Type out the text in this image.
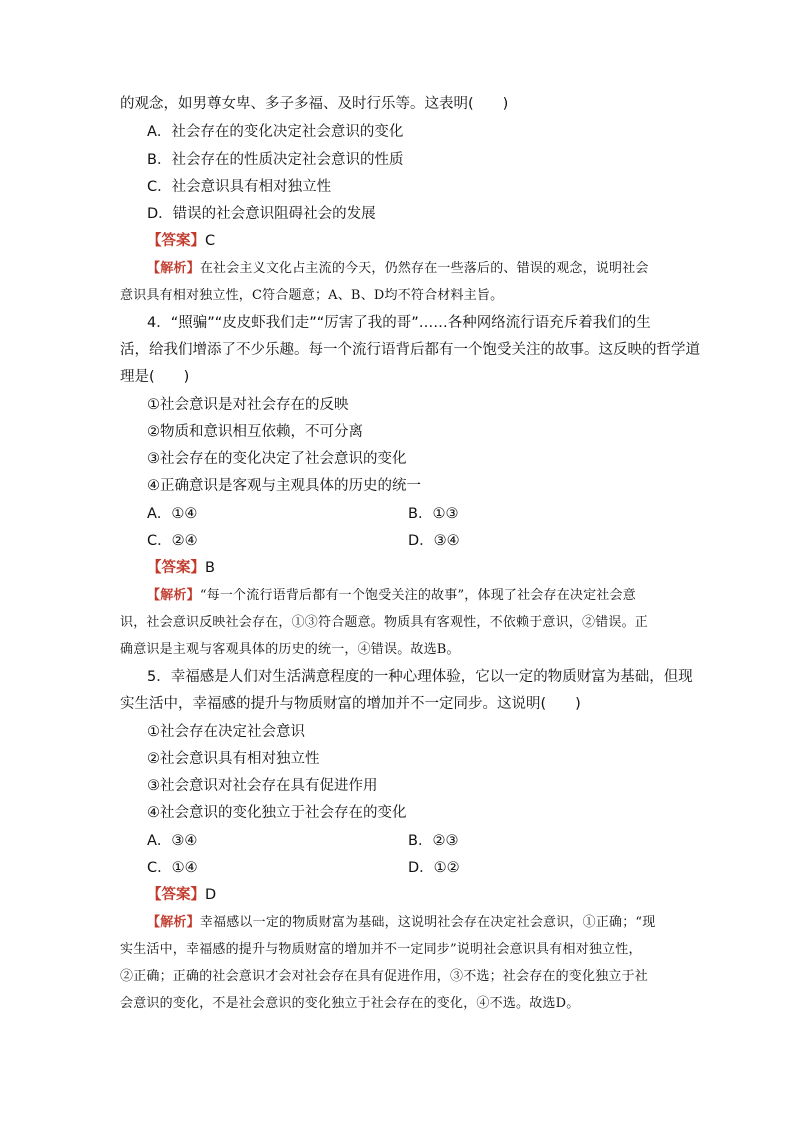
的观念，如男尊女卑、多子多福、及时行乐等。这表明(　　)
A．社会存在的变化决定社会意识的变化
B．社会存在的性质决定社会意识的性质
C．社会意识具有相对独立性
D．错误的社会意识阻碍社会的发展
【答案】C
【解析】在社会主义文化占主流的今天，仍然存在一些落后的、错误的观念，说明社会
意识具有相对独立性，C符合题意；A、B、D均不符合材料主旨。
4．“照骗”“皮皮虾我们走”“厉害了我的哥”……各种网络流行语充斥着我们的生
活，给我们增添了不少乐趣。每一个流行语背后都有一个饱受关注的故事。这反映的哲学道
理是(　　)
①社会意识是对社会存在的反映
②物质和意识相互依赖，不可分离
③社会存在的变化决定了社会意识的变化
④正确意识是客观与主观具体的历史的统一
A．①④	B．①③
C．②④	D．③④
【答案】B
【解析】“每一个流行语背后都有一个饱受关注的故事”，体现了社会存在决定社会意
识，社会意识反映社会存在，①③符合题意。物质具有客观性，不依赖于意识，②错误。正
确意识是主观与客观具体的历史的统一，④错误。故选B。
5．幸福感是人们对生活满意程度的一种心理体验，它以一定的物质财富为基础，但现
实生活中，幸福感的提升与物质财富的增加并不一定同步。这说明(　　)
①社会存在决定社会意识
②社会意识具有相对独立性
③社会意识对社会存在具有促进作用
④社会意识的变化独立于社会存在的变化
A．③④	B．②③
C．①④	D．①②
【答案】D
【解析】幸福感以一定的物质财富为基础，这说明社会存在决定社会意识，①正确；“现
实生活中，幸福感的提升与物质财富的增加并不一定同步”说明社会意识具有相对独立性，
②正确；正确的社会意识才会对社会存在具有促进作用，③不选；社会存在的变化独立于社
会意识的变化，不是社会意识的变化独立于社会存在的变化，④不选。故选D。
